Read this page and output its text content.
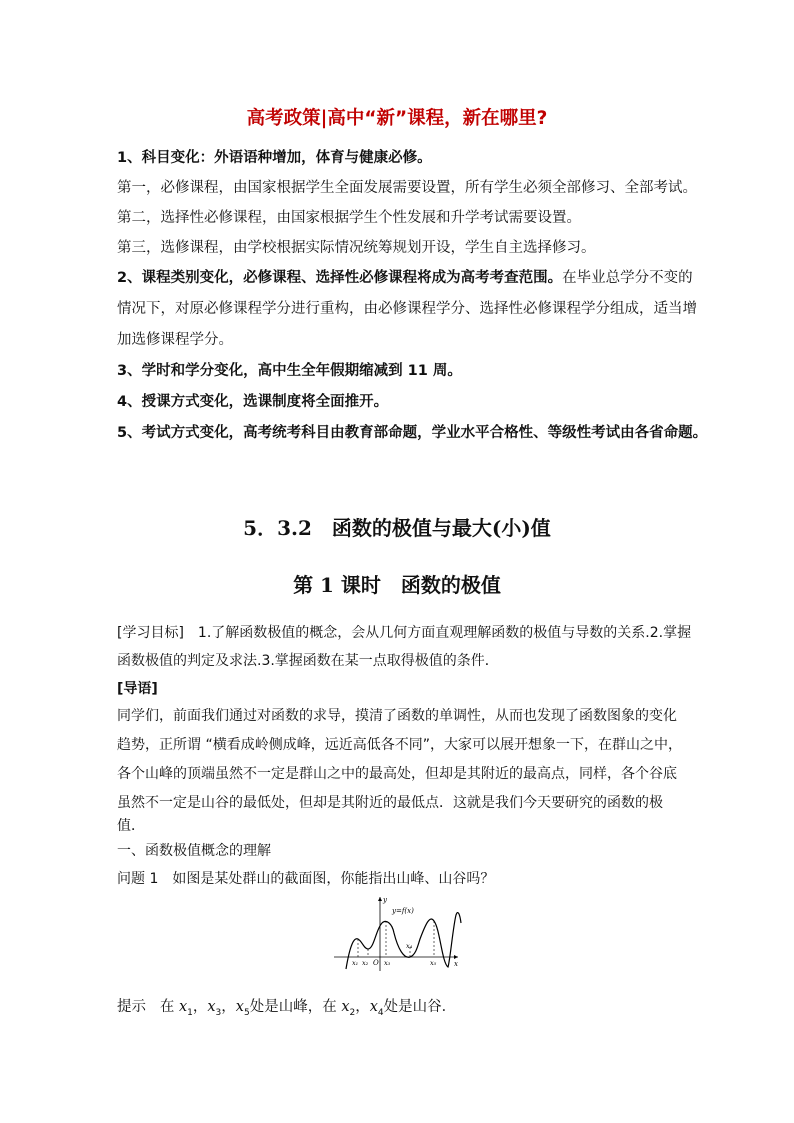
高考政策|高中“新”课程，新在哪里?
1、科目变化：外语语种增加，体育与健康必修。
第一，必修课程，由国家根据学生全面发展需要设置，所有学生必须全部修习、全部考试。
第二，选择性必修课程，由国家根据学生个性发展和升学考试需要设置。
第三，选修课程，由学校根据实际情况统筹规划开设，学生自主选择修习。
2、课程类别变化，必修课程、选择性必修课程将成为高考考查范围。在毕业总学分不变的
情况下，对原必修课程学分进行重构，由必修课程学分、选择性必修课程学分组成，适当增
加选修课程学分。
3、学时和学分变化，高中生全年假期缩减到 11 周。
4、授课方式变化，选课制度将全面推开。
5、考试方式变化，高考统考科目由教育部命题，学业水平合格性、等级性考试由各省命题。
5．3.2　函数的极值与最大(小)值
第 1 课时　函数的极值
[学习目标]　1.了解函数极值的概念，会从几何方面直观理解函数的极值与导数的关系.2.掌握
函数极值的判定及求法.3.掌握函数在某一点取得极值的条件．
[导语]
同学们，前面我们通过对函数的求导，摸清了函数的单调性，从而也发现了函数图象的变化
趋势，正所谓 “横看成岭侧成峰，远近高低各不同”，大家可以展开想象一下，在群山之中，
各个山峰的顶端虽然不一定是群山之中的最高处，但却是其附近的最高点，同样，各个谷底
虽然不一定是山谷的最低处，但却是其附近的最低点．这就是我们今天要研究的函数的极
值．
一、函数极值概念的理解
问题 1　如图是某处群山的截面图，你能指出山峰、山谷吗？
y
x
O
y=f(x)
x₁ x₂ x₃
x₄
x₅
提示 在 $x_1$，$x_3$，$x_5$处是山峰，在 $x_2$，$x_4$处是山谷．
